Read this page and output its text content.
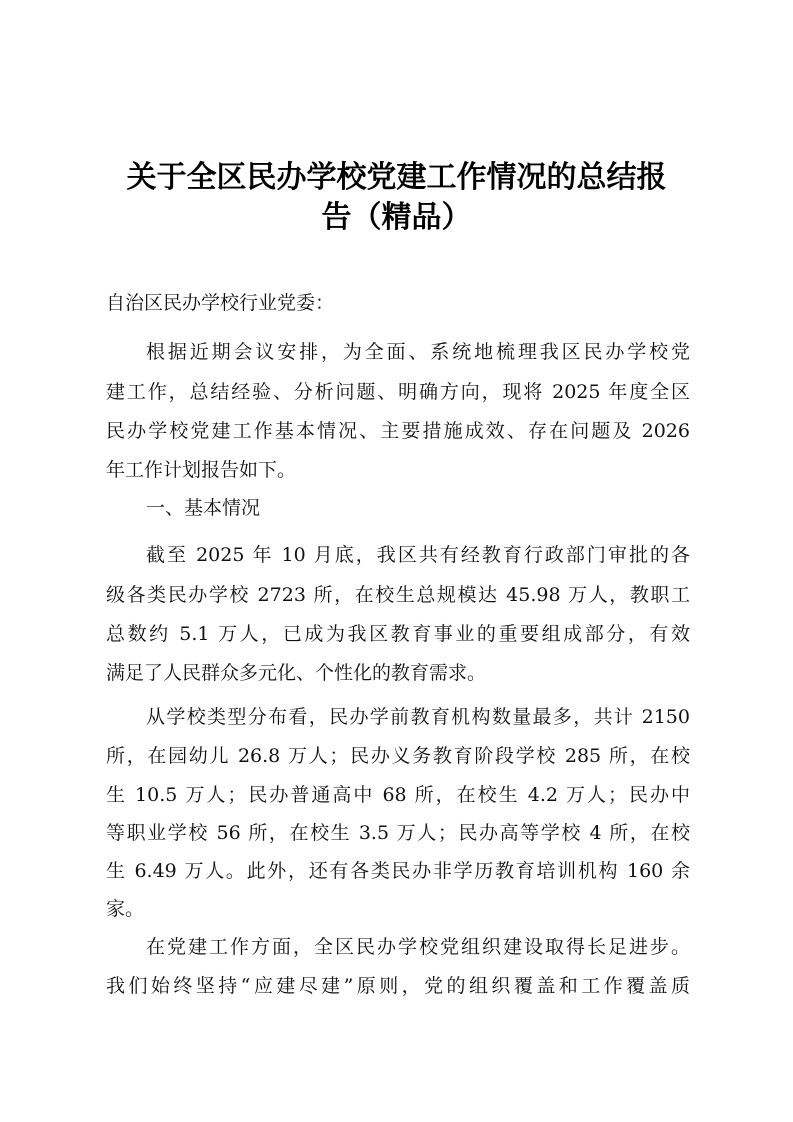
关于全区民办学校党建工作情况的总结报
告（精品）
自治区民办学校行业党委：
根据近期会议安排，为全面、系统地梳理我区民办学校党
建工作，总结经验、分析问题、明确方向，现将 2025 年度全区
民办学校党建工作基本情况、主要措施成效、存在问题及 2026
年工作计划报告如下。
一、基本情况
截至 2025 年 10 月底，我区共有经教育行政部门审批的各
级各类民办学校 2723 所，在校生总规模达 45.98 万人，教职工
总数约 5.1 万人，已成为我区教育事业的重要组成部分，有效
满足了人民群众多元化、个性化的教育需求。
从学校类型分布看，民办学前教育机构数量最多，共计 2150
所，在园幼儿 26.8 万人；民办义务教育阶段学校 285 所，在校
生 10.5 万人；民办普通高中 68 所，在校生 4.2 万人；民办中
等职业学校 56 所，在校生 3.5 万人；民办高等学校 4 所，在校
生 6.49 万人。此外，还有各类民办非学历教育培训机构 160 余
家。
在党建工作方面，全区民办学校党组织建设取得长足进步。
我们始终坚持“应建尽建”原则，党的组织覆盖和工作覆盖质
